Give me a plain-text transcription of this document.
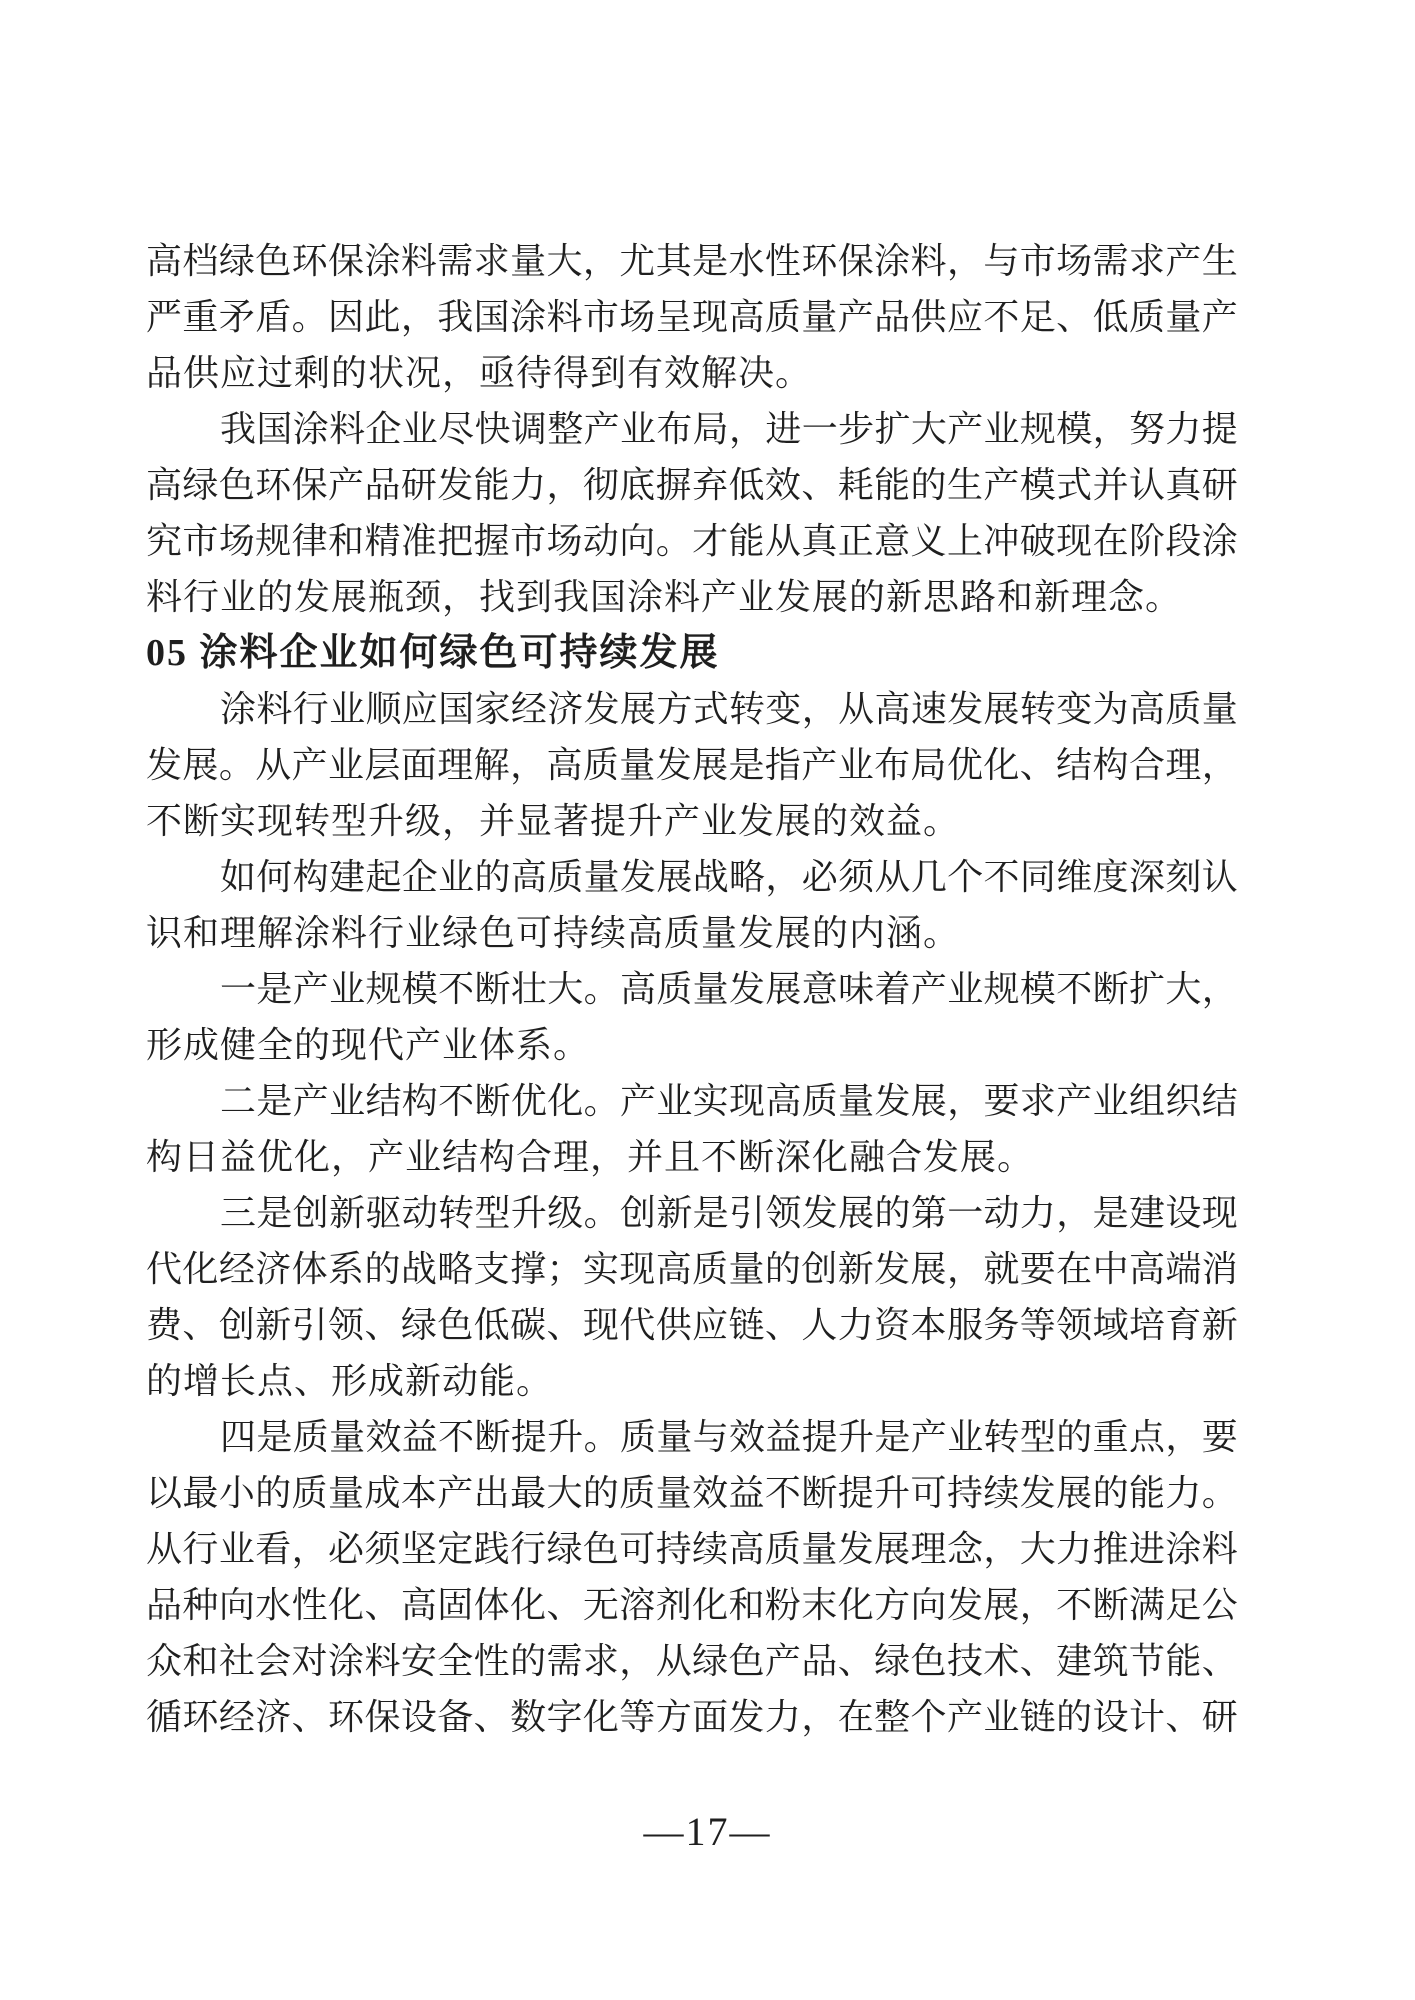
高 档 绿 色 环 保 涂 料 需 求 量 大 ， 尤 其 是 水 性 环 保 涂 料 ， 与 市 场 需 求 产 生
严 重 矛 盾 。 因 此 ， 我 国 涂 料 市 场 呈 现 高 质 量 产 品 供 应 不 足 、 低 质 量 产
品供应过剩的状况，亟待得到有效解决。
我 国 涂 料 企 业 尽 快 调 整 产 业 布 局 ， 进 一 步 扩 大 产 业 规 模 ， 努 力 提
高 绿 色 环 保 产 品 研 发 能 力 ， 彻 底 摒 弃 低 效 、 耗 能 的 生 产 模 式 并 认 真 研
究 市 场 规 律 和 精 准 把 握 市 场 动 向 。 才 能 从 真 正 意 义 上 冲 破 现 在 阶 段 涂
料行业的发展瓶颈，找到我国涂料产业发展的新思路和新理念。
05 涂料企业如何绿色可持续发展
涂 料 行 业 顺 应 国 家 经 济 发 展 方 式 转 变 ， 从 高 速 发 展 转 变 为 高 质 量
发 展 。 从 产 业 层 面 理 解 ， 高 质 量 发 展 是 指 产 业 布 局 优 化 、 结 构 合 理 ，
不断实现转型升级，并显著提升产业发展的效益。
如 何 构 建 起 企 业 的 高 质 量 发 展 战 略 ， 必 须 从 几 个 不 同 维 度 深 刻 认
识和理解涂料行业绿色可持续高质量发展的内涵。
一 是 产 业 规 模 不 断 壮 大 。 高 质 量 发 展 意 味 着 产 业 规 模 不 断 扩 大 ，
形成健全的现代产业体系。
二 是 产 业 结 构 不 断 优 化 。 产 业 实 现 高 质 量 发 展 ， 要 求 产 业 组 织 结
构日益优化，产业结构合理，并且不断深化融合发展。
三 是 创 新 驱 动 转 型 升 级 。 创 新 是 引 领 发 展 的 第 一 动 力 ， 是 建 设 现
代 化 经 济 体 系 的 战 略 支 撑 ； 实 现 高 质 量 的 创 新 发 展 ， 就 要 在 中 高 端 消
费 、 创 新 引 领 、 绿 色 低 碳 、 现 代 供 应 链 、 人 力 资 本 服 务 等 领 域 培 育 新
的增长点、形成新动能。
四 是 质 量 效 益 不 断 提 升 。 质 量 与 效 益 提 升 是 产 业 转 型 的 重 点 ， 要
以 最 小 的 质 量 成 本 产 出 最 大 的 质 量 效 益 不 断 提 升 可 持 续 发 展 的 能 力 。
从 行 业 看 ， 必 须 坚 定 践 行 绿 色 可 持 续 高 质 量 发 展 理 念 ， 大 力 推 进 涂 料
品 种 向 水 性 化 、 高 固 体 化 、 无 溶 剂 化 和 粉 末 化 方 向 发 展 ， 不 断 满 足 公
众 和 社 会 对 涂 料 安 全 性 的 需 求 ， 从 绿 色 产 品 、 绿 色 技 术 、 建 筑 节 能 、
循 环 经 济 、 环 保 设 备 、 数 字 化 等 方 面 发 力 ， 在 整 个 产 业 链 的 设 计 、 研
—17—
